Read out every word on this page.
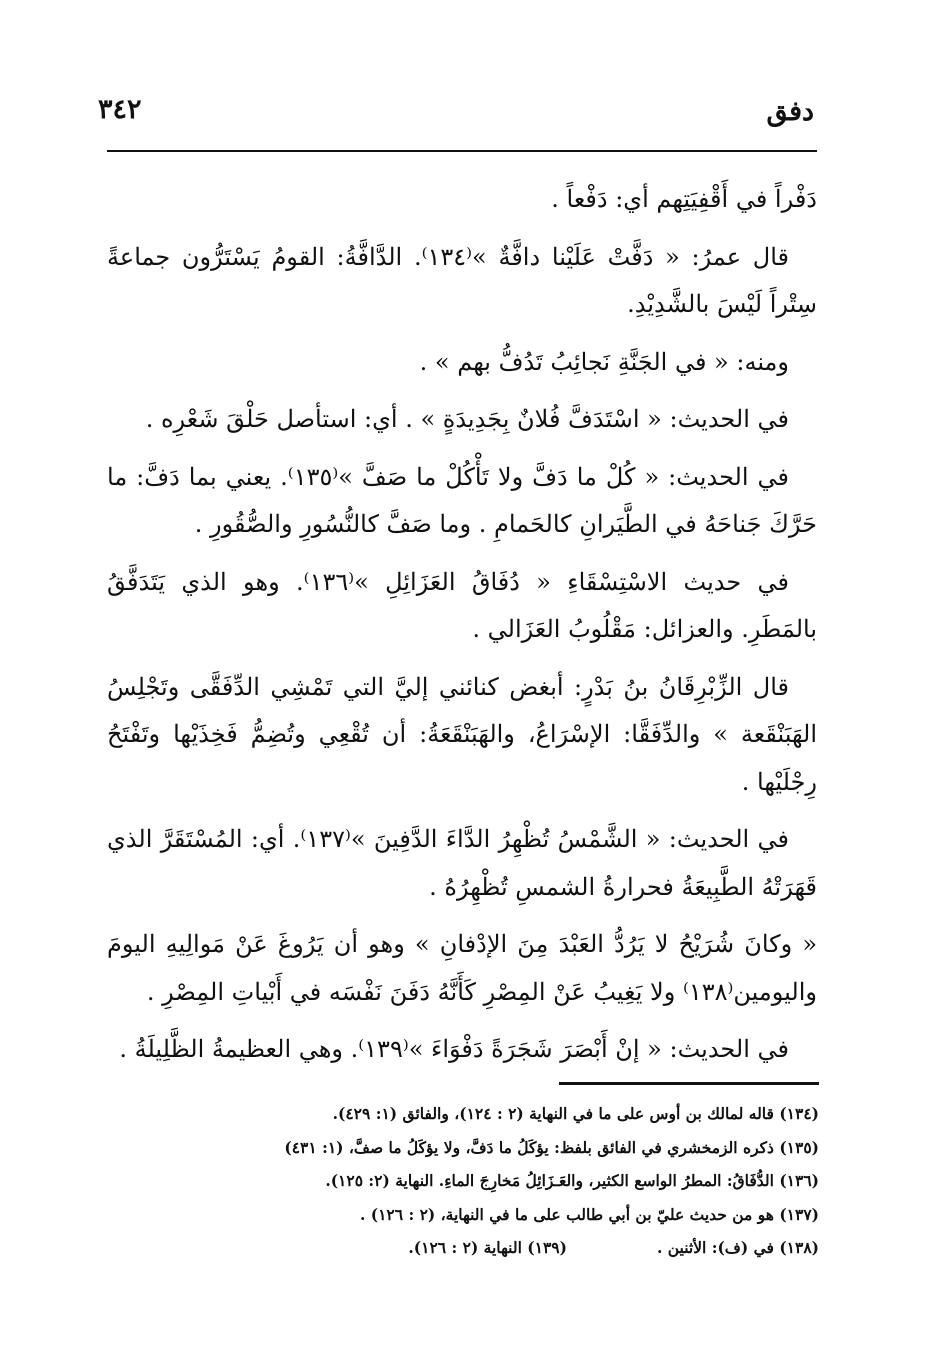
دفق
٣٤٢

دَفْراً في أَقْفِيَتِهم أي: دَفْعاً .

قال عمرُ: « دَفَّتْ عَلَيْنا دافَّةٌ »⁽١٣٤⁾. الدَّافَّةُ: القومُ يَسْتَرُّون جماعةً سِتْراً لَيْسَ بالشَّدِيْدِ.

ومنه: « في الجَنَّةِ نَجائِبُ تَدُفُّ بهم » .

في الحديث: « اسْتَدَفَّ فُلانٌ بِجَدِيدَةٍ » . أي: استأصل حَلْقَ شَعْرِه .

في الحديث: « كُلْ ما دَفَّ ولا تَأْكُلْ ما صَفَّ »⁽١٣٥⁾. يعني بما دَفَّ: ما حَرَّكَ جَناحَهُ في الطَّيَرانِ كالحَمامِ . وما صَفَّ كالنُّسُورِ والصُّقُورِ .

في حديث الاسْتِسْقَاءِ « دُفَاقُ العَزَائِلِ »⁽١٣٦⁾. وهو الذي يَتَدَفَّقُ بالمَطَرِ. والعزائل: مَقْلُوبُ العَزَالي .

قال الزِّبْرِقَانُ بنُ بَدْرٍ: أبغض كنائني إليَّ التي تَمْشِي الدِّفَقَّى وتَجْلِسُ الهَبَنْقَعة » والدِّفَقَّا: الإسْرَاعُ، والهَبَنْقَعَةُ: أن تُقْعِي وتُضِمُّ فَخِذَيْها وتَفْتَحُ رِجْلَيْها .

في الحديث: « الشَّمْسُ تُظْهِرُ الدَّاءَ الدَّفِينَ »⁽١٣٧⁾. أي: المُسْتَقَرَّ الذي قَهَرَتْهُ الطَّبِيعَةُ فحرارةُ الشمسِ تُظْهِرُهُ .

« وكانَ شُرَيْحُ لا يَرُدُّ العَبْدَ مِنَ الإدْفانِ » وهو أن يَرُوغَ عَنْ مَوالِيهِ اليومَ واليومين⁽١٣٨⁾ ولا يَغِيبُ عَنْ المِصْرِ كَأَنَّهُ دَفَنَ نَفْسَه في أَبْياتِ المِصْرِ .

في الحديث: « إنْ أَبْصَرَ شَجَرَةً دَفْوَاءَ »⁽١٣٩⁾. وهي العظيمةُ الظَّلِيلَةُ .

(١٣٤) قاله لمالك بن أوس على ما في النهاية (٢ : ١٢٤)، والفائق (١: ٤٢٩).
(١٣٥) ذكره الزمخشري في الفائق بلفظ: يؤكَلُ ما دَفَّ، ولا يؤكَلُ ما صفَّ، (١: ٤٣١)
(١٣٦) الدُّفَاقُ: المطرُ الواسع الكثير، والعَـزَائِلُ مَخارِجَ الماءِ. النهاية (٢: ١٢٥).
(١٣٧) هو من حديث عليّ بن أبي طالب على ما في النهاية، (٢ : ١٢٦) .
(١٣٨) في (ف): الأثنين .
(١٣٩) النهاية (٢ : ١٢٦).
